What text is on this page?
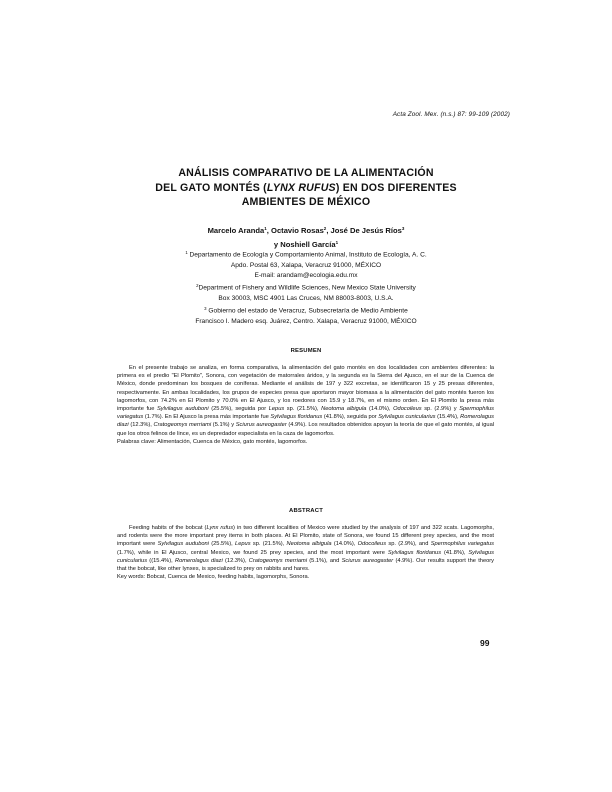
Acta Zool. Mex. (n.s.) 87: 99-109 (2002)
ANÁLISIS COMPARATIVO DE LA ALIMENTACIÓN
DEL GATO MONTÉS (LYNX RUFUS) EN DOS DIFERENTES
AMBIENTES DE MÉXICO
Marcelo Aranda$^1$, Octavio Rosas$^2$, José De Jesús Ríos$^3$
y Noshiell García$^1$
$^1$ Departamento de Ecología y Comportamiento Animal, Instituto de Ecología, A. C.
Apdo. Postal 63, Xalapa, Veracruz 91000, MÉXICO
E-mail: arandam@ecologia.edu.mx
$^2$Department of Fishery and Wildlife Sciences, New Mexico State University
Box 30003, MSC 4901 Las Cruces, NM 88003-8003, U.S.A.
$^3$ Gobierno del estado de Veracruz, Subsecretaría de Medio Ambiente
Francisco I. Madero esq. Juárez, Centro. Xalapa, Veracruz 91000, MÉXICO
RESUMEN

En el presente trabajo se analiza, en forma comparativa, la alimentación del gato montés en dos localidades con ambientes diferentes: la primera es el predio "El Plomito", Sonora, con vegetación de matorrales áridos, y la segunda es la Sierra del Ajusco, en el sur de la Cuenca de México, donde predominan los bosques de coníferas. Mediante el análisis de 197 y 322 excretas, se identificaron 15 y 25 presas diferentes, respectivamente. En ambas localidades, los grupos de especies presa que aportaron mayor biomasa a la alimentación del gato montés fueron los lagomorfos, con 74.2% en El Plomito y 70.0% en El Ajusco, y los roedores con 15.9 y 18.7%, en el mismo orden. En El Plomito la presa más importante fue Sylvilagus auduboni (25.5%), seguida por Lepus sp. (21.5%), Neotoma albigula (14.0%), Odocoileus sp. (2.9%) y Spermophilus variegatus (1.7%). En El Ajusco la presa más importante fue Sylvilagus floridanus (41.8%), seguida por Sylvilagus cunicularius (15.4%), Romerolagus diazi (12.3%), Cratogeomys merriami (5.1%) y Sciurus aureogaster (4.9%). Los resultados obtenidos apoyan la teoría de que el gato montés, al igual que los otros felinos de lince, es un depredador especialista en la caza de lagomorfos.

Palabras clave: Alimentación, Cuenca de México, gato montés, lagomorfos.

ABSTRACT

Feeding habits of the bobcat (Lynx rufus) in two different localities of Mexico were studied by the analysis of 197 and 322 scats. Lagomorphs, and rodents were the more important prey items in both places. At El Plomito, state of Sonora, we found 15 different prey species, and the most important were Sylvilagus auduboni (25.5%), Lepus sp. (21.5%), Neotoma albigula (14.0%), Odocoileus sp. (2.9%), and Spermophilus variegatus (1.7%), while in El Ajusco, central Mexico, we found 25 prey species, and the most important were Sylvilagus floridanus (41.8%), Sylvilagus cunicularius ((15.4%), Romerolagus diazi (12.3%), Cratogeomys merriami (5.1%), and Sciurus aureogaster (4.9%). Our results support the theory that the bobcat, like other lynxes, is specialized to prey on rabbits and hares.

Key words: Bobcat, Cuenca de Mexico, feeding habits, lagomorphs, Sonora.

99
